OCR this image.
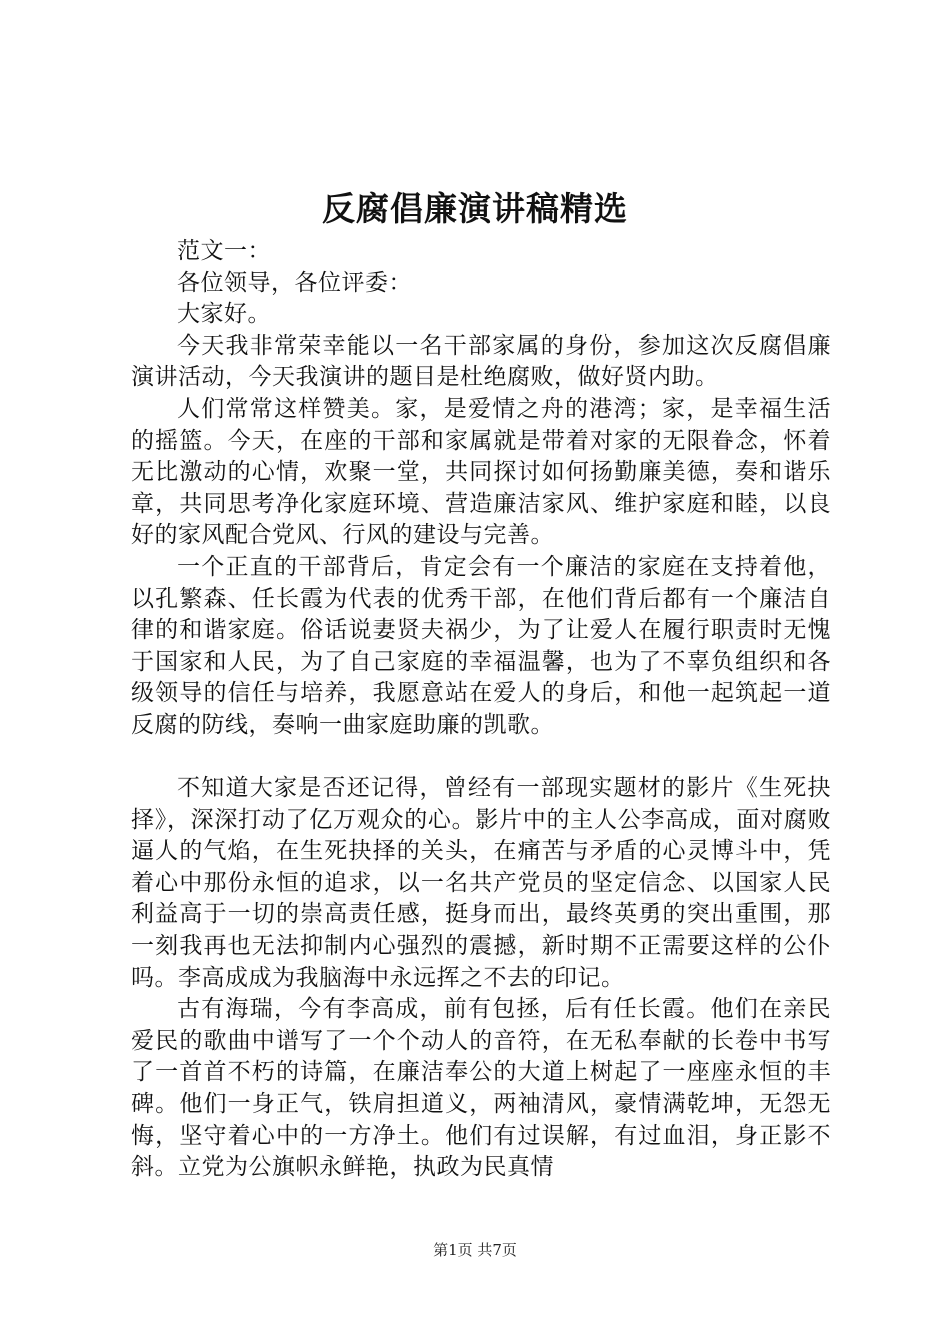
反腐倡廉演讲稿精选

范文一：

各位领导，各位评委：

大家好。

今天我非常荣幸能以一名干部家属的身份，参加这次反腐倡廉演讲活动，今天我演讲的题目是杜绝腐败，做好贤内助。

人们常常这样赞美。家，是爱情之舟的港湾；家，是幸福生活的摇篮。今天，在座的干部和家属就是带着对家的无限眷念，怀着无比激动的心情，欢聚一堂，共同探讨如何扬勤廉美德，奏和谐乐章，共同思考净化家庭环境、营造廉洁家风、维护家庭和睦，以良好的家风配合党风、行风的建设与完善。

一个正直的干部背后，肯定会有一个廉洁的家庭在支持着他，以孔繁森、任长霞为代表的优秀干部，在他们背后都有一个廉洁自律的和谐家庭。俗话说妻贤夫祸少，为了让爱人在履行职责时无愧于国家和人民，为了自己家庭的幸福温馨，也为了不辜负组织和各级领导的信任与培养，我愿意站在爱人的身后，和他一起筑起一道反腐的防线，奏响一曲家庭助廉的凯歌。

不知道大家是否还记得，曾经有一部现实题材的影片《生死抉择》，深深打动了亿万观众的心。影片中的主人公李高成，面对腐败逼人的气焰，在生死抉择的关头，在痛苦与矛盾的心灵博斗中，凭着心中那份永恒的追求，以一名共产党员的坚定信念、以国家人民利益高于一切的崇高责任感，挺身而出，最终英勇的突出重围，那一刻我再也无法抑制内心强烈的震撼，新时期不正需要这样的公仆吗。李高成成为我脑海中永远挥之不去的印记。

古有海瑞，今有李高成，前有包拯，后有任长霞。他们在亲民爱民的歌曲中谱写了一个个动人的音符，在无私奉献的长卷中书写了一首首不朽的诗篇，在廉洁奉公的大道上树起了一座座永恒的丰碑。他们一身正气，铁肩担道义，两袖清风，豪情满乾坤，无怨无悔，坚守着心中的一方净土。他们有过误解，有过血泪，身正影不斜。立党为公旗帜永鲜艳，执政为民真情

第1页 共7页
